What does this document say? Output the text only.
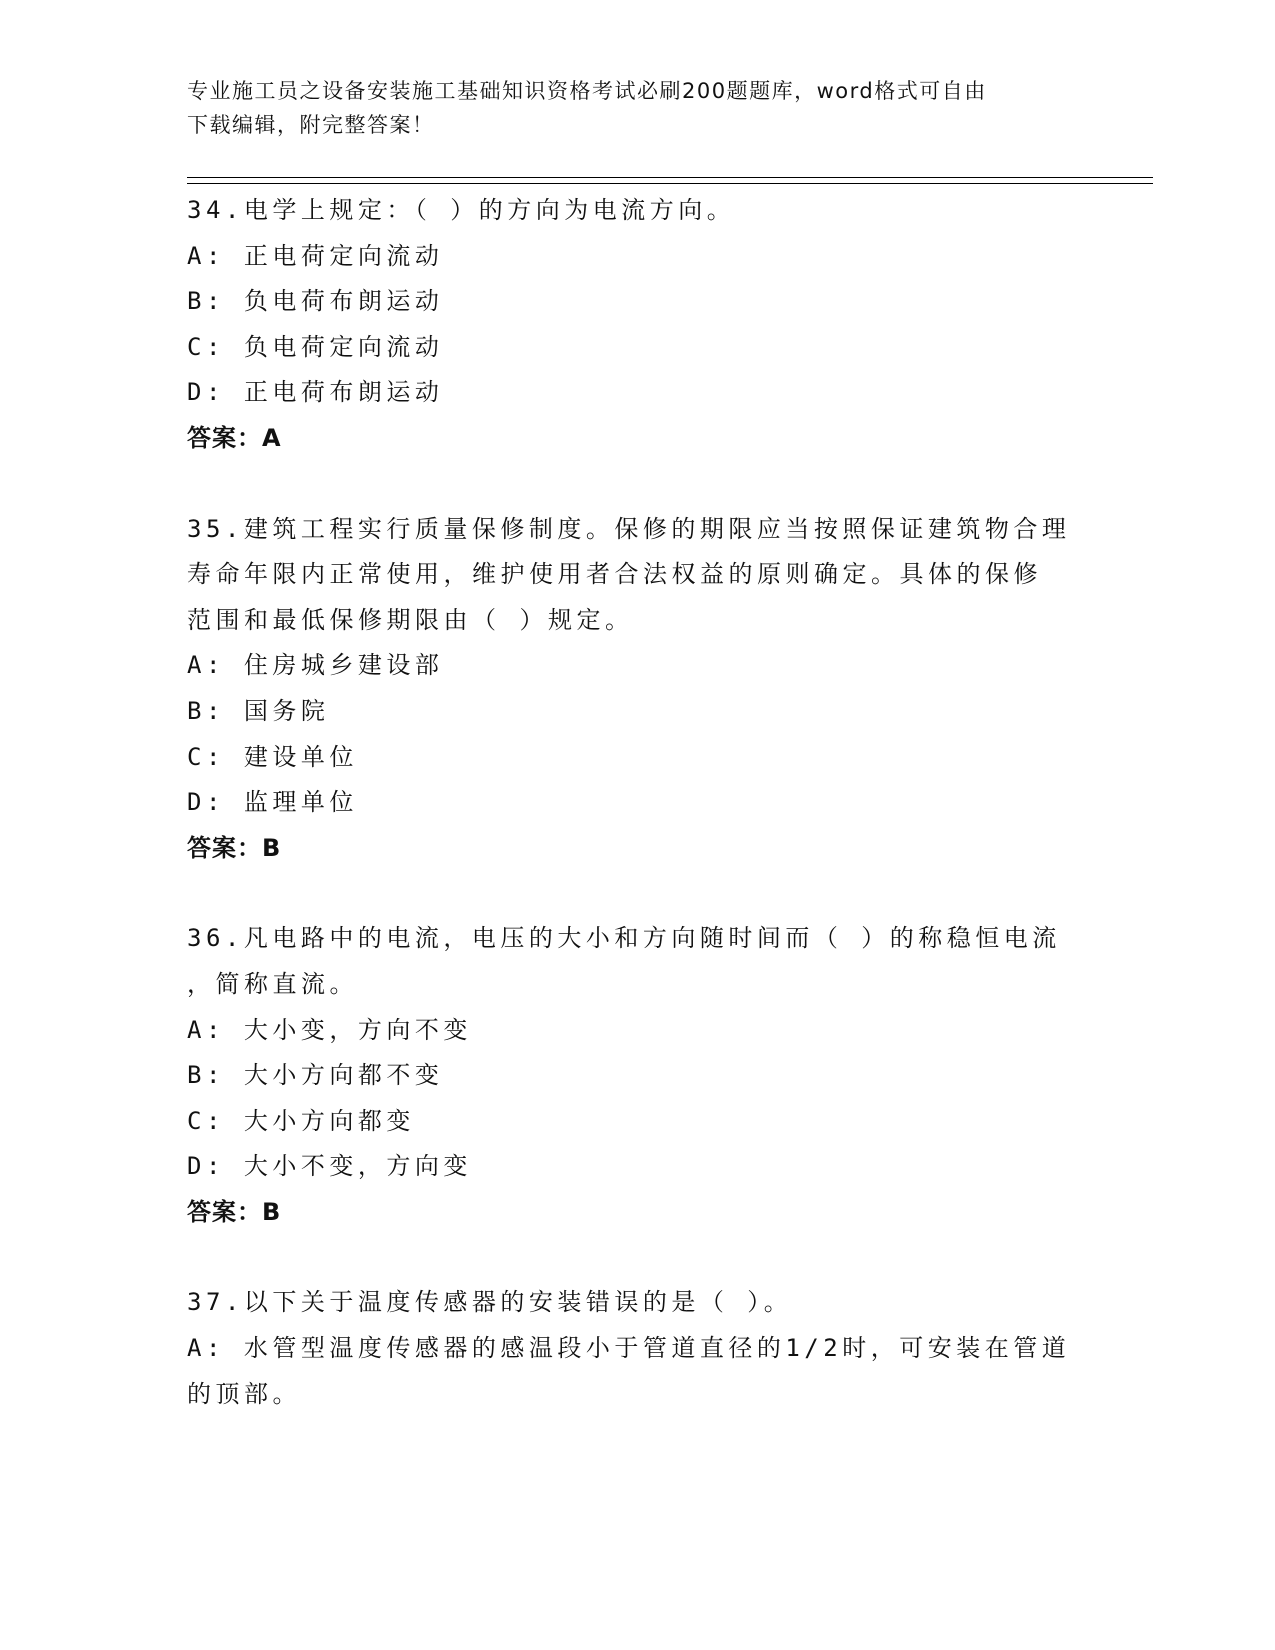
专业施工员之设备安装施工基础知识资格考试必刷200题题库，word格式可自由
下载编辑，附完整答案！
34.电学上规定：（ ）的方向为电流方向。
A: 正电荷定向流动
B: 负电荷布朗运动
C: 负电荷定向流动
D: 正电荷布朗运动
答案：A
35.建筑工程实行质量保修制度。保修的期限应当按照保证建筑物合理
寿命年限内正常使用，维护使用者合法权益的原则确定。具体的保修
范围和最低保修期限由（ ）规定。
A: 住房城乡建设部
B: 国务院
C: 建设单位
D: 监理单位
答案：B
36.凡电路中的电流，电压的大小和方向随时间而（ ）的称稳恒电流
，简称直流。
A: 大小变，方向不变
B: 大小方向都不变
C: 大小方向都变
D: 大小不变，方向变
答案：B
37.以下关于温度传感器的安装错误的是（ ）。
A: 水管型温度传感器的感温段小于管道直径的1/2时，可安装在管道
的顶部。
